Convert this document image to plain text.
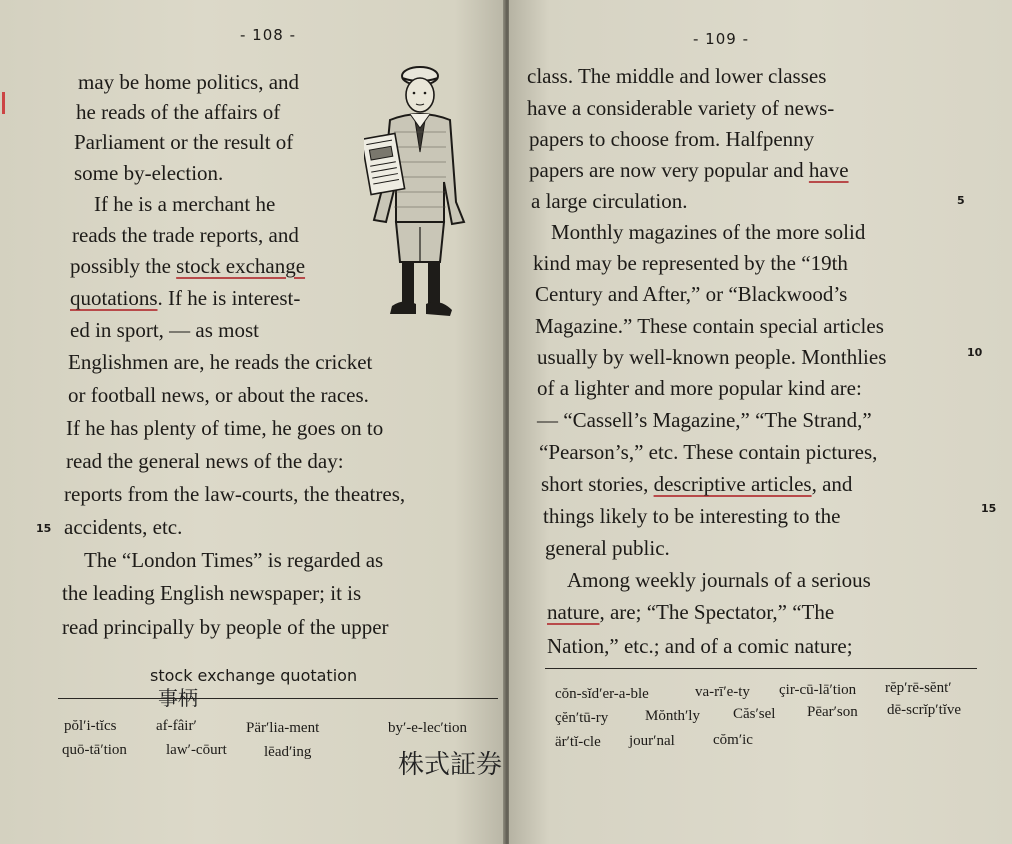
- 108 -
may be home politics, and
he reads of the affairs of
Parliament or the result of
some by-election.
If he is a merchant he
reads the trade reports, and
possibly the stock exchange
quotations. If he is interest-
ed in sport, — as most
Englishmen are, he reads the cricket
or football news, or about the races.
If he has plenty of time, he goes on to
read the general news of the day:
reports from the law-courts, the theatres,
15 accidents, etc.
The “London Times” is regarded as
the leading English newspaper; it is
read principally by people of the upper
stock exchange quotation
事柄
pŏl′i-tĭcs	af-fâir′	Pär′lia-ment	by′-e-lec′tion
quō-tā′tion	law′-cōurt lēad′ing	株式証券
- 109 -
class. The middle and lower classes
have a considerable variety of news-
papers to choose from. Halfpenny
papers are now very popular and have
a large circulation.	5
Monthly magazines of the more solid
kind may be represented by the “19th
Century and After,” or “Blackwood’s
Magazine.” These contain special articles
usually by well-known people. Monthlies	10
of a lighter and more popular kind are:
— “Cassell’s Magazine,” “The Strand,”
“Pearson’s,” etc. These contain pictures,
short stories, descriptive articles, and
things likely to be interesting to the	15
general public.
Among weekly journals of a serious
nature, are; “The Spectator,” “The
Nation,” etc.; and of a comic nature;
cŏn-sĭd′er-a-ble	va-rī′e-ty çir-cū-lā′tion rĕp′rē-sĕnt′
çĕn′tū-ry Mŏnth′ly Căs′sel Pēar′son dē-scrĭp′tĭve
är′tĭ-cle jour′nal	cŏm′ic
